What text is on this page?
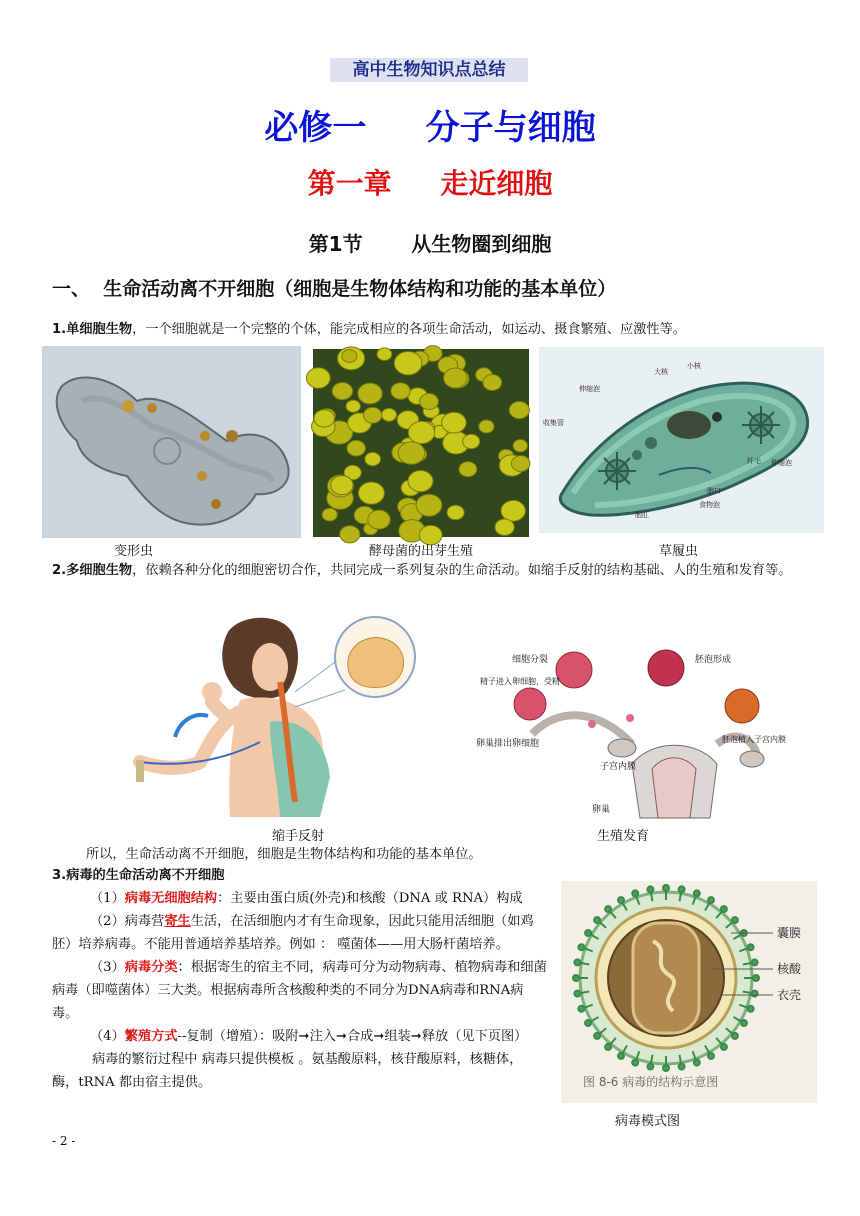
高中生物知识点总结
必修一     分子与细胞
第一章     走近细胞
第1节       从生物圈到细胞
一、  生命活动离不开细胞（细胞是生物体结构和功能的基本单位）
1.单细胞生物，一个细胞就是一个完整的个体，能完成相应的各项生命活动，如运动、摄食繁殖、应激性等。
大核
小核
伸缩泡
收集管
纤毛 伸缩泡
胞口
食物泡
胞肛
变形虫	酵母菌的出芽生殖	草履虫
2.多细胞生物，依赖各种分化的细胞密切合作，共同完成一系列复杂的生命活动。如缩手反射的结构基础、人的生殖和发育等。
细胞分裂	胚泡形成
精子进入卵细胞，受精
卵巢排出卵细胞	胚泡植入子宫内膜
子宫内膜
卵巢
缩手反射	生殖发育
所以，生命活动离不开细胞，细胞是生物体结构和功能的基本单位。
3.病毒的生命活动离不开细胞
（1）病毒无细胞结构：主要由蛋白质(外壳)和核酸（DNA 或 RNA）构成
（2）病毒营寄生生活，在活细胞内才有生命现象，因此只能用活细胞（如鸡胚）培养病毒。不能用普通培养基培养。例如 ： 噬菌体——用大肠杆菌培养。
（3）病毒分类：根据寄生的宿主不同，病毒可分为动物病毒、植物病毒和细菌病毒（即噬菌体）三大类。根据病毒所含核酸种类的不同分为DNA病毒和RNA病毒。
（4）繁殖方式--复制（增殖）：吸附➞注入➞合成➞组装➞释放（见下页图）
病毒的繁衍过程中 病毒只提供模板 。氨基酸原料，核苷酸原料，核糖体，酶，tRNA 都由宿主提供。
囊膜
核酸
衣壳
图 8-6 病毒的结构示意图
病毒模式图
- 2 -
